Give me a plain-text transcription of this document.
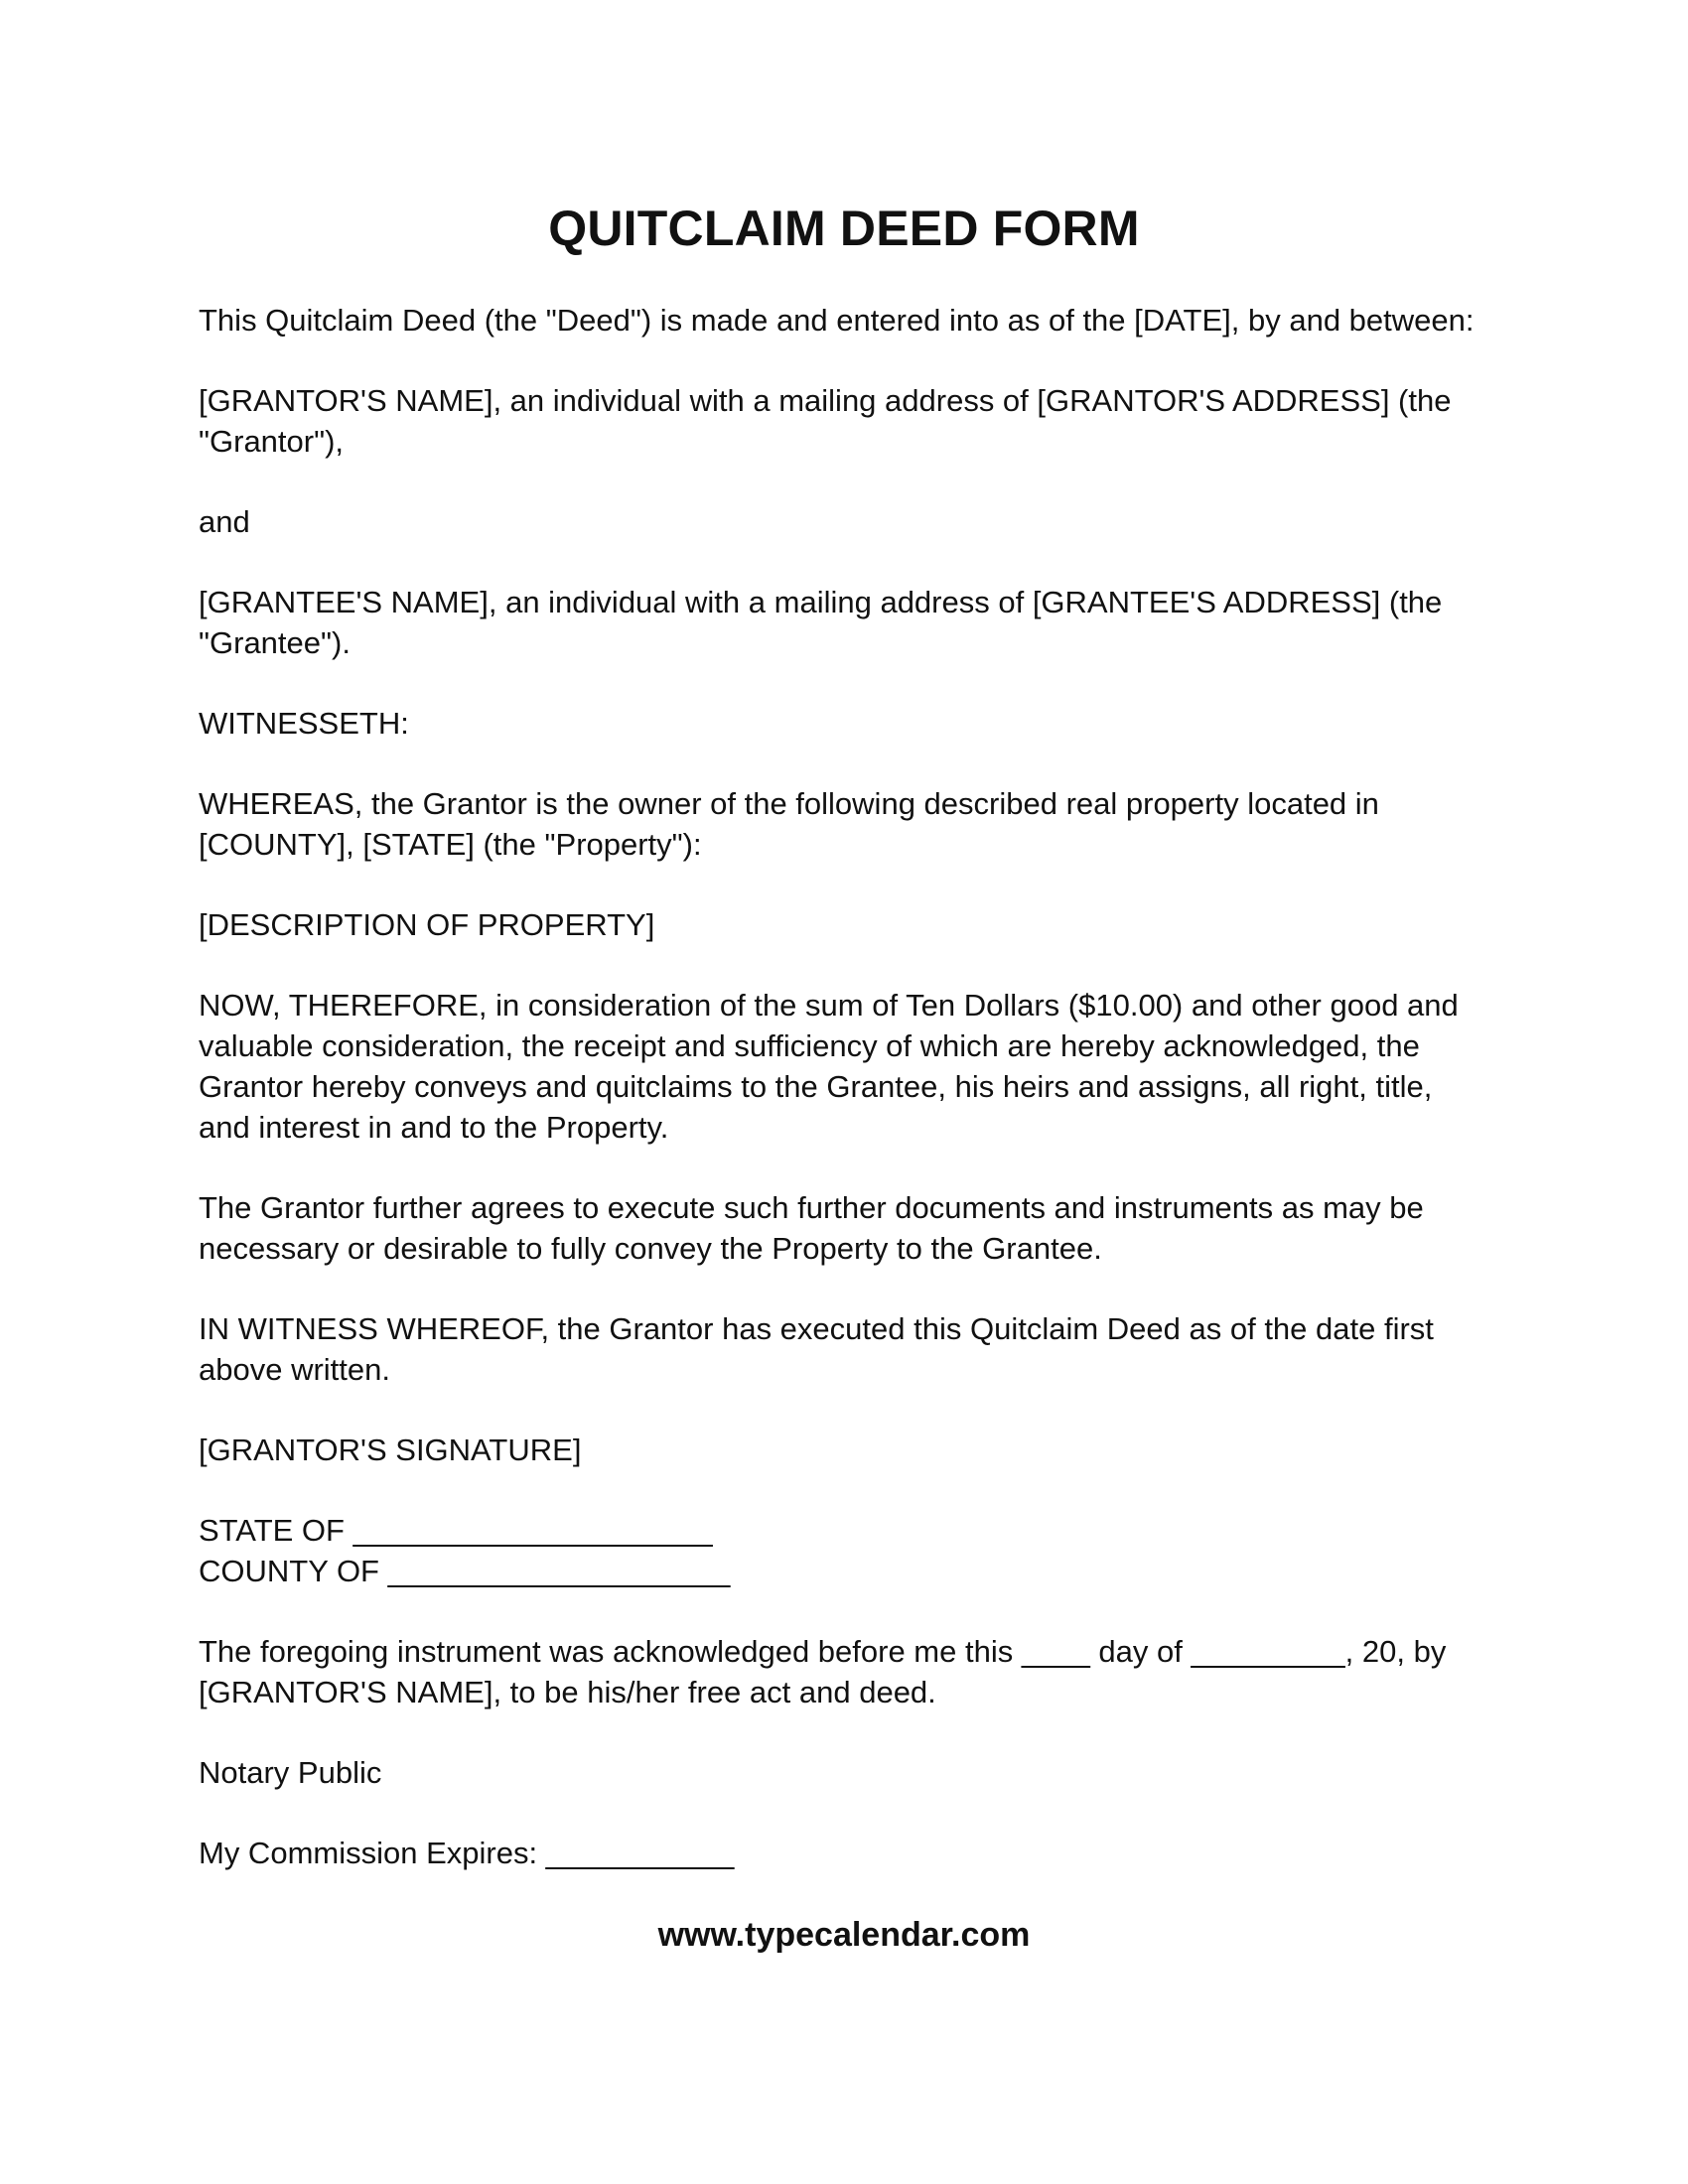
QUITCLAIM DEED FORM

This Quitclaim Deed (the "Deed") is made and entered into as of the [DATE], by and between:

[GRANTOR'S NAME], an individual with a mailing address of [GRANTOR'S ADDRESS] (the "Grantor"),

and

[GRANTEE'S NAME], an individual with a mailing address of [GRANTEE'S ADDRESS] (the "Grantee").

WITNESSETH:

WHEREAS, the Grantor is the owner of the following described real property located in [COUNTY], [STATE] (the "Property"):

[DESCRIPTION OF PROPERTY]

NOW, THEREFORE, in consideration of the sum of Ten Dollars ($10.00) and other good and valuable consideration, the receipt and sufficiency of which are hereby acknowledged, the Grantor hereby conveys and quitclaims to the Grantee, his heirs and assigns, all right, title, and interest in and to the Property.

The Grantor further agrees to execute such further documents and instruments as may be necessary or desirable to fully convey the Property to the Grantee.

IN WITNESS WHEREOF, the Grantor has executed this Quitclaim Deed as of the date first above written.

[GRANTOR'S SIGNATURE]

STATE OF _____________________

COUNTY OF ____________________

The foregoing instrument was acknowledged before me this ____ day of _________, 20, by [GRANTOR'S NAME], to be his/her free act and deed.

Notary Public

My Commission Expires: ___________

www.typecalendar.com
